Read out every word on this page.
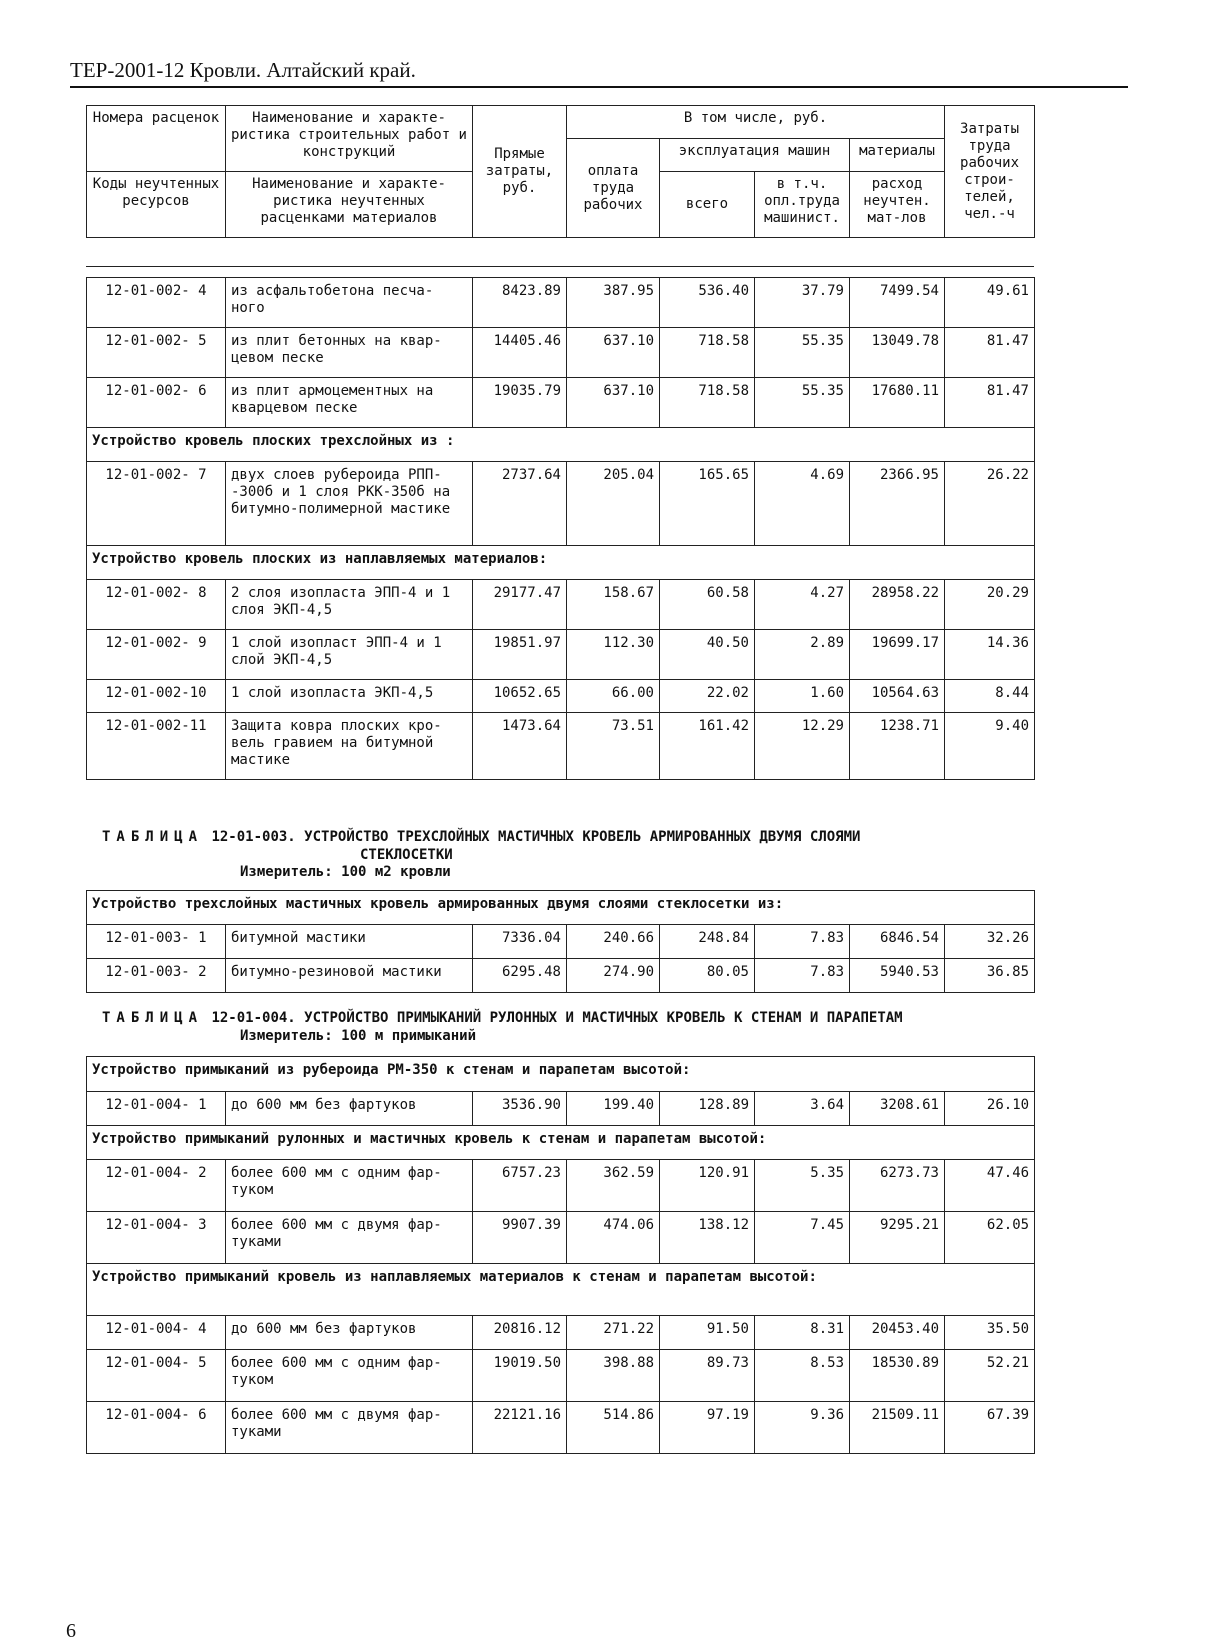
ТЕР-2001-12 Кровли. Алтайский край.
Номера расценок	Наименование и характе- ристика строительных работ и конструкций	Прямые затраты, руб.	В том числе, руб.				Затраты труда рабочих строи- телей, чел.-ч
			оплата труда рабочих	эксплуатация машин		материалы	
Коды неучтенных ресурсов	Наименование и характе- ристика неучтенных расценками материалов			всего	в т.ч. опл.труда машинист.	расход неучтен. мат-лов	
12-01-002- 4	из асфальтобетона песча- ного	8423.89	387.95	536.40	37.79	7499.54	49.61
12-01-002- 5	из плит бетонных на квар- цевом песке	14405.46	637.10	718.58	55.35	13049.78	81.47
12-01-002- 6	из плит армоцементных на кварцевом песке	19035.79	637.10	718.58	55.35	17680.11	81.47
Устройство кровель плоских трехслойных из :							
12-01-002- 7	двух слоев рубероида РПП- -300б и 1 слоя РКК-350б на битумно-полимерной мастике	2737.64	205.04	165.65	4.69	2366.95	26.22
Устройство кровель плоских из наплавляемых материалов:							
12-01-002- 8	2 слоя изопласта ЭПП-4 и 1 слоя ЭКП-4,5	29177.47	158.67	60.58	4.27	28958.22	20.29
12-01-002- 9	1 слой изопласт ЭПП-4 и 1 слой ЭКП-4,5	19851.97	112.30	40.50	2.89	19699.17	14.36
12-01-002-10	1 слой изопласта ЭКП-4,5	10652.65	66.00	22.02	1.60	10564.63	8.44
12-01-002-11	Защита ковра плоских кро- вель гравием на битумной мастике	1473.64	73.51	161.42	12.29	1238.71	9.40
ТАБЛИЦА 12-01-003. УСТРОЙСТВО ТРЕХСЛОЙНЫХ МАСТИЧНЫХ КРОВЕЛЬ АРМИРОВАННЫХ ДВУМЯ СЛОЯМИ
СТЕКЛОСЕТКИ
Измеритель: 100 м2 кровли
Устройство трехслойных мастичных кровель армированных двумя слоями стеклосетки из:							
12-01-003- 1	битумной мастики	7336.04	240.66	248.84	7.83	6846.54	32.26
12-01-003- 2	битумно-резиновой мастики	6295.48	274.90	80.05	7.83	5940.53	36.85
ТАБЛИЦА 12-01-004. УСТРОЙСТВО ПРИМЫКАНИЙ РУЛОННЫХ И МАСТИЧНЫХ КРОВЕЛЬ К СТЕНАМ И ПАРАПЕТАМ
Измеритель: 100 м примыканий
Устройство примыканий из рубероида РМ-350 к стенам и парапетам высотой:							
12-01-004- 1	до 600 мм без фартуков	3536.90	199.40	128.89	3.64	3208.61	26.10
Устройство примыканий рулонных и мастичных кровель к стенам и парапетам высотой:							
12-01-004- 2	более 600 мм с одним фар- туком	6757.23	362.59	120.91	5.35	6273.73	47.46
12-01-004- 3	более 600 мм с двумя фар- туками	9907.39	474.06	138.12	7.45	9295.21	62.05
Устройство примыканий кровель из наплавляемых материалов к стенам и парапетам высотой:							
12-01-004- 4	до 600 мм без фартуков	20816.12	271.22	91.50	8.31	20453.40	35.50
12-01-004- 5	более 600 мм с одним фар- туком	19019.50	398.88	89.73	8.53	18530.89	52.21
12-01-004- 6	более 600 мм с двумя фар- туками	22121.16	514.86	97.19	9.36	21509.11	67.39
6
